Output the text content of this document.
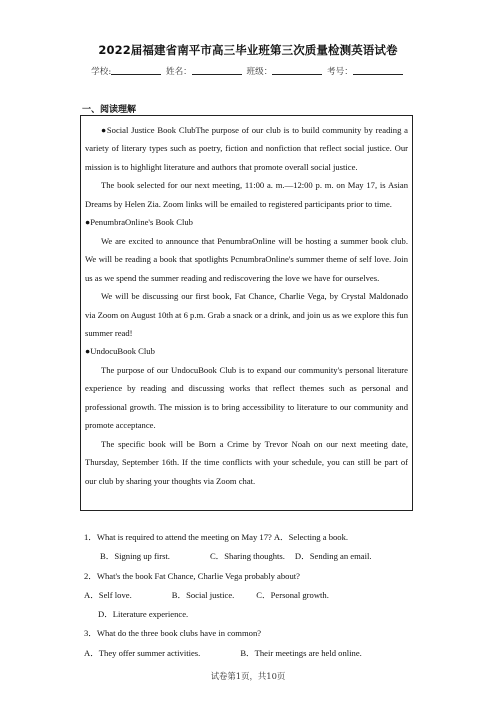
2022届福建省南平市高三毕业班第三次质量检测英语试卷
学校:	姓名：	班级：	考号：
一、阅读理解

●Social Justice Book ClubThe purpose of our club is to build community by reading a variety of literary types such as poetry, fiction and nonfiction that reflect social justice. Our mission is to highlight literature and authors that promote overall social justice.

The book selected for our next meeting, 11:00 a. m.—12:00 p. m. on May 17, is Asian Dreams by Helen Zia. Zoom links will be emailed to registered participants prior to time.

●PenumbraOnline's Book Club

We are excited to announce that PenumbraOnline will be hosting a summer book club. We will be reading a book that spotlights PcnumbraOnline's summer theme of self love. Join us as we spend the summer reading and rediscovering the love we have for ourselves.

We will be discussing our first book, Fat Chance, Charlie Vega, by Crystal Maldonado via Zoom on August 10th at 6 p.m. Grab a snack or a drink, and join us as we explore this fun summer read!

●UndocuBook Club

The purpose of our UndocuBook Club is to expand our community's personal literature experience by reading and discussing works that reflect themes such as personal and professional growth. The mission is to bring accessibility to literature to our community and promote acceptance.

The specific book will be Born a Crime by Trevor Noah on our next meeting date, Thursday, September 16th. If the time conflicts with your schedule, you can still be part of our club by sharing your thoughts via Zoom chat.

1．What is required to attend the meeting on May 17? A．Selecting a book.B．Signing up first.	C．Sharing thoughts. D．Sending an email.
2．What's the book Fat Chance, Charlie Vega probably about?
A．Self love.	B．Social justice.	C．Personal growth.D．Literature experience.
3．What do the three book clubs have in common?
A．They offer summer activities.	B．Their meetings are held online.
试卷第1页，共10页
